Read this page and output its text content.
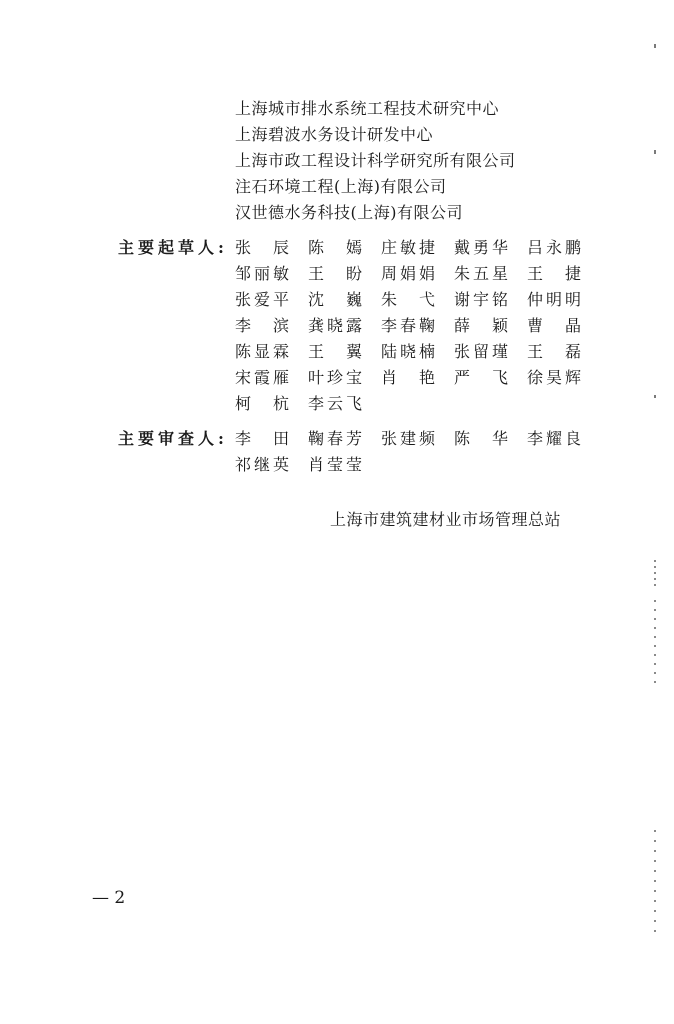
上海城市排水系统工程技术研究中心
上海碧波水务设计研发中心
上海市政工程设计科学研究所有限公司
注石环境工程(上海)有限公司
汉世德水务科技(上海)有限公司
主要起草人: 张 辰 陈 嫣 庄 敏 捷 戴 勇 华 吕 永 鹏
邹 丽 敏 王 盼 周 娟 娟 朱 五 星 王 捷
张 爱 平 沈 巍 朱 弋 谢 宇 铭 仲 明 明
李 滨 龚 晓 露 李 春 鞠 薛 颖 曹 晶
陈 显 霖 王 翼 陆 晓 楠 张 留 瑾 王 磊
宋 霞 雁 叶 珍 宝 肖 艳 严 飞 徐 昊 辉
柯 杭 李 云 飞
主要审查人: 李 田 鞠 春 芳 张 建 频 陈 华 李 耀 良
祁 继 英 肖 莹 莹
上海市建筑建材业市场管理总站
— 2
